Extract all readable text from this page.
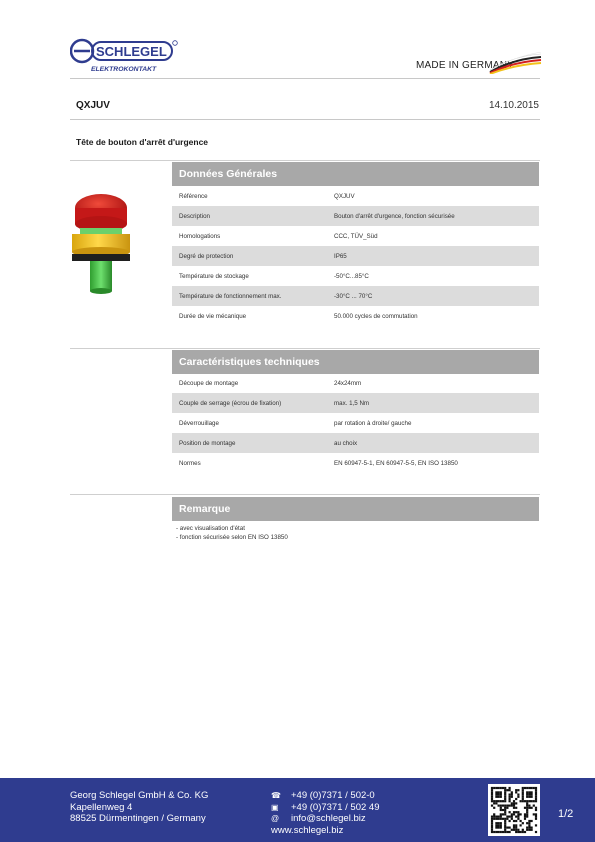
SCHLEGEL
ELEKTROKONTAKT	MADE IN GERMANY
QXJUV	14.10.2015
Tête de bouton d'arrêt d'urgence
Données Générales
Référence	QXJUV
Description	Bouton d'arrêt d'urgence, fonction sécurisée
Homologations	CCC, TÜV_Süd
Degré de protection	IP65
Température de stockage	-50°C...85°C
Température de fonctionnement max.	-30°C ... 70°C
Durée de vie mécanique	50.000 cycles de commutation
Caractéristiques techniques
Découpe de montage	24x24mm
Couple de serrage (écrou de fixation)	max. 1,5 Nm
Déverrouillage	par rotation à droite/ gauche
Position de montage	au choix
Normes	EN 60947-5-1, EN 60947-5-5, EN ISO 13850
Remarque
- avec visualisation d'état
- fonction sécurisée selon EN ISO 13850
Georg Schlegel GmbH & Co. KG
Kapellenweg 4
88525 Dürmentingen / Germany
☎	+49 (0)7371 / 502-0
▣	+49 (0)7371 / 502 49
@	info@schlegel.biz
www.schlegel.biz
1/2
